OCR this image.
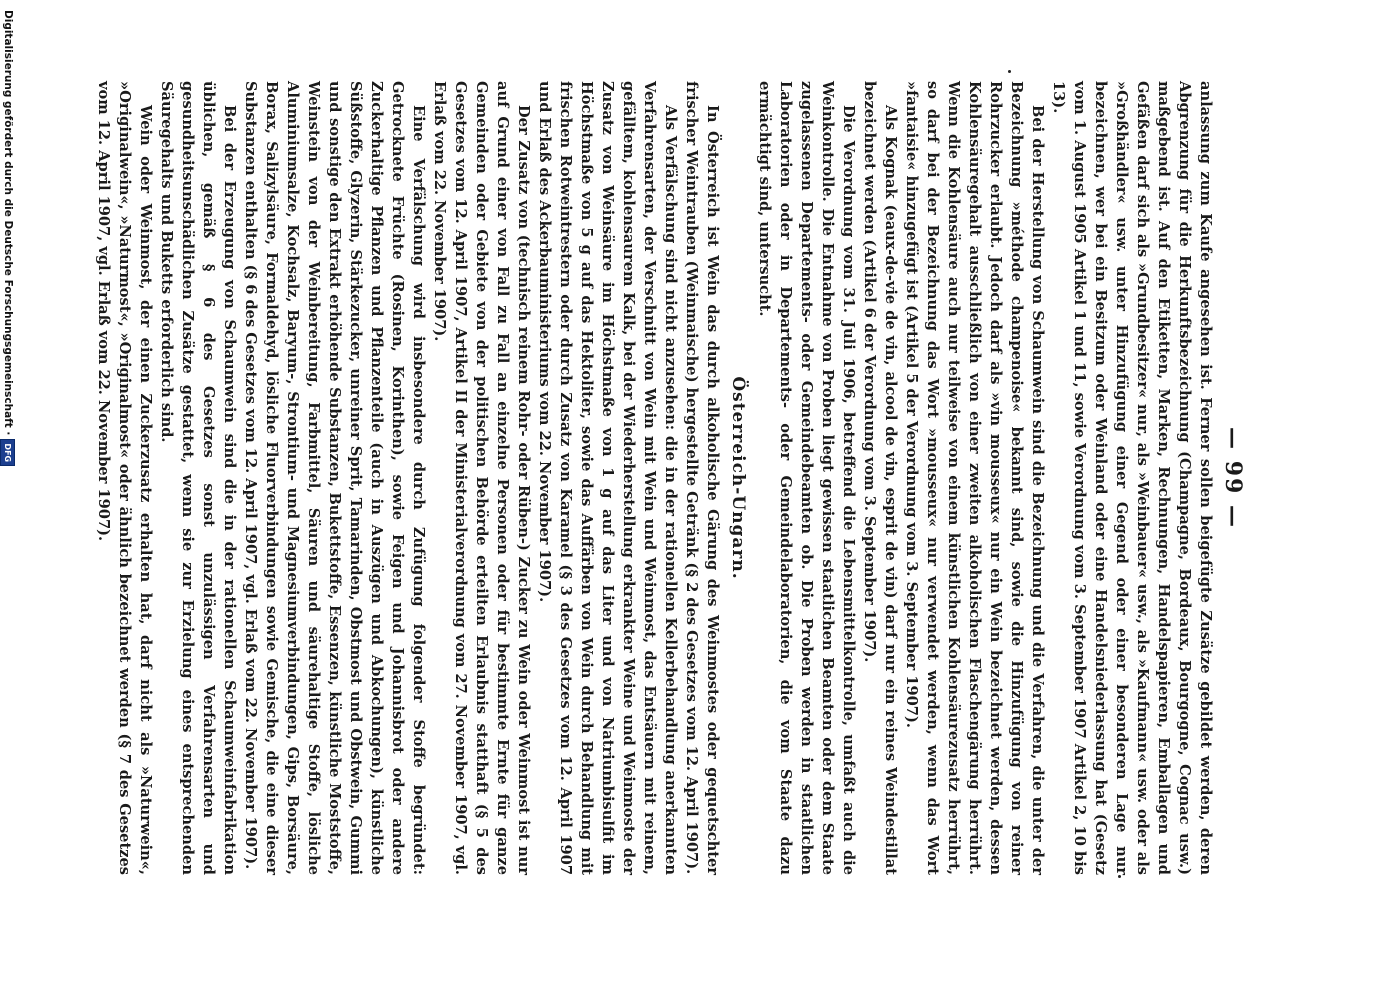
— 99 —

anlassung zum Kaufe angesehen ist. Ferner sollen beigefügte Zusätze gebildet werden, deren Abgrenzung für die Herkunftsbezeichnung (Champagne, Bordeaux, Bourgogne, Cognac usw.) maßgebend ist. Auf den Etiketten, Marken, Rechnungen, Handelspapieren, Emballagen und Gefäßen darf sich als »Grundbesitzer« nur, als »Weinbauer« usw., als »Kaufmann« usw. oder als »Großhändler« usw. unter Hinzufügung einer Gegend oder einer besonderen Lage nur bezeichnen, wer bei ein Besitzum oder Weinland oder eine Handelsniederlassung hat (Gesetz vom 1. August 1905 Artikel 1 und 11, sowie Verordnung vom 3. September 1907 Artikel 2, 10 bis 13).

Bei der Herstellung von Schaumwein sind die Bezeichnung und die Verfahren, die unter der Bezeichnung »méthode champenoise« bekannt sind, sowie die Hinzufügung von reiner Rohrzucker erlaubt. Jedoch darf als »vin mousseux« nur ein Wein bezeichnet werden, dessen Kohlensäuregehalt ausschließlich von einer zweiten alkoholischen Flaschengärung herrührt. Wenn die Kohlensäure auch nur teilweise von einem künstlichen Kohlensäurezusatz herrührt, so darf bei der Bezeichnung das Wort »mousseux« nur verwendet werden, wenn das Wort »fantaisie« hinzugefügt ist (Artikel 5 der Verordnung vom 3. September 1907).

Als Kognak (eaux-de-vie de vin, alcool de vin, esprit de vin) darf nur ein reines Weindestillat bezeichnet werden (Artikel 6 der Verordnung vom 3. September 1907).

Die Verordnung vom 31. Juli 1906, betreffend die Lebensmittelkontrolle, umfaßt auch die Weinkontrolle. Die Entnahme von Proben liegt gewissen staatlichen Beamten oder dem Staate zugelassenen Departements- oder Gemeindebeamten ob. Die Proben werden in staatlichen Laboratorien oder in Departements- oder Gemeindelaboratorien, die vom Staate dazu ermächtigt sind, untersucht.

Österreich-Ungarn.

In Österreich ist Wein das durch alkoholische Gärung des Weinmostes oder gequetschter frischer Weintrauben (Weinmaische) hergestellte Getränk (§ 2 des Gesetzes vom 12. April 1907).

Als Verfälschung sind nicht anzusehen: die in der rationellen Kellerbehandlung anerkannten Verfahrensarten, der Verschnitt von Wein mit Wein und Weinmost, das Entsäuern mit reinem, gefälltem, kohlensaurem Kalk, bei der Wiederherstellung erkrankter Weine und Weinmoste der Zusatz von Weinsäure im Höchstmaße von 1 g auf das Liter und von Natriumbisulfit im Höchstmaße von 5 g auf das Hektoliter, sowie das Auffärben von Wein durch Behandlung mit frischen Rotweintrestern oder durch Zusatz von Karamel (§ 3 des Gesetzes vom 12. April 1907 und Erlaß des Ackerbauministeriums vom 22. November 1907).

Der Zusatz von (technisch reinem Rohr- oder Rüben-) Zucker zu Wein oder Weinmost ist nur auf Grund einer von Fall zu Fall an einzelne Personen oder für bestimmte Ernte für ganze Gemeinden oder Gebiete von der politischen Behörde erteilten Erlaubnis statthaft (§ 5 des Gesetzes vom 12. April 1907, Artikel II der Ministerialverordnung vom 27. November 1907, vgl. Erlaß vom 22. November 1907).

Eine Verfälschung wird insbesondere durch Zufügung folgender Stoffe begründet: Getrocknete Früchte (Rosinen, Korinthen), sowie Feigen und Johannisbrot oder andere Zuckerhaltige Pflanzen und Pflanzenteile (auch in Auszügen und Abkochungen), künstliche Süßstoffe, Glyzerin, Stärkezucker, unreiner Sprit, Tamarinden, Obstmost und Obstwein, Gummi und sonstige den Extrakt erhöhende Substanzen, Bukettstoffe, Essenzen, künstliche Moststoffe, Weinstein von der Weinbereitung, Farbmittel, Säuren und säurehaltige Stoffe, lösliche Aluminiumsalze, Kochsalz, Baryum-, Strontium- und Magnesiumverbindungen, Gips, Borsäure, Borax, Salizylsäure, Formaldehyd, lösliche Fluorverbindungen sowie Gemische, die eine dieser Substanzen enthalten (§ 6 des Gesetzes vom 12. April 1907, vgl. Erlaß vom 22. November 1907).

Bei der Erzeugung von Schaumwein sind die in der rationellen Schaumweinfabrikation üblichen, gemäß § 6 des Gesetzes sonst unzulässigen Verfahrensarten und gesundheitsunschädlichen Zusätze gestattet, wenn sie zur Erzielung eines entsprechenden Säuregehalts und Buketts erforderlich sind.

Wein oder Weinmost, der einen Zuckerzusatz erhalten hat, darf nicht als »Naturwein«, »Originalwein«, »Naturmost«, »Originalmost« oder ähnlich bezeichnet werden (§ 7 des Gesetzes vom 12. April 1907, vgl. Erlaß vom 22. November 1907).

Digitalisierung gefördert durch die Deutsche Forschungsgemeinschaft ·DFG
